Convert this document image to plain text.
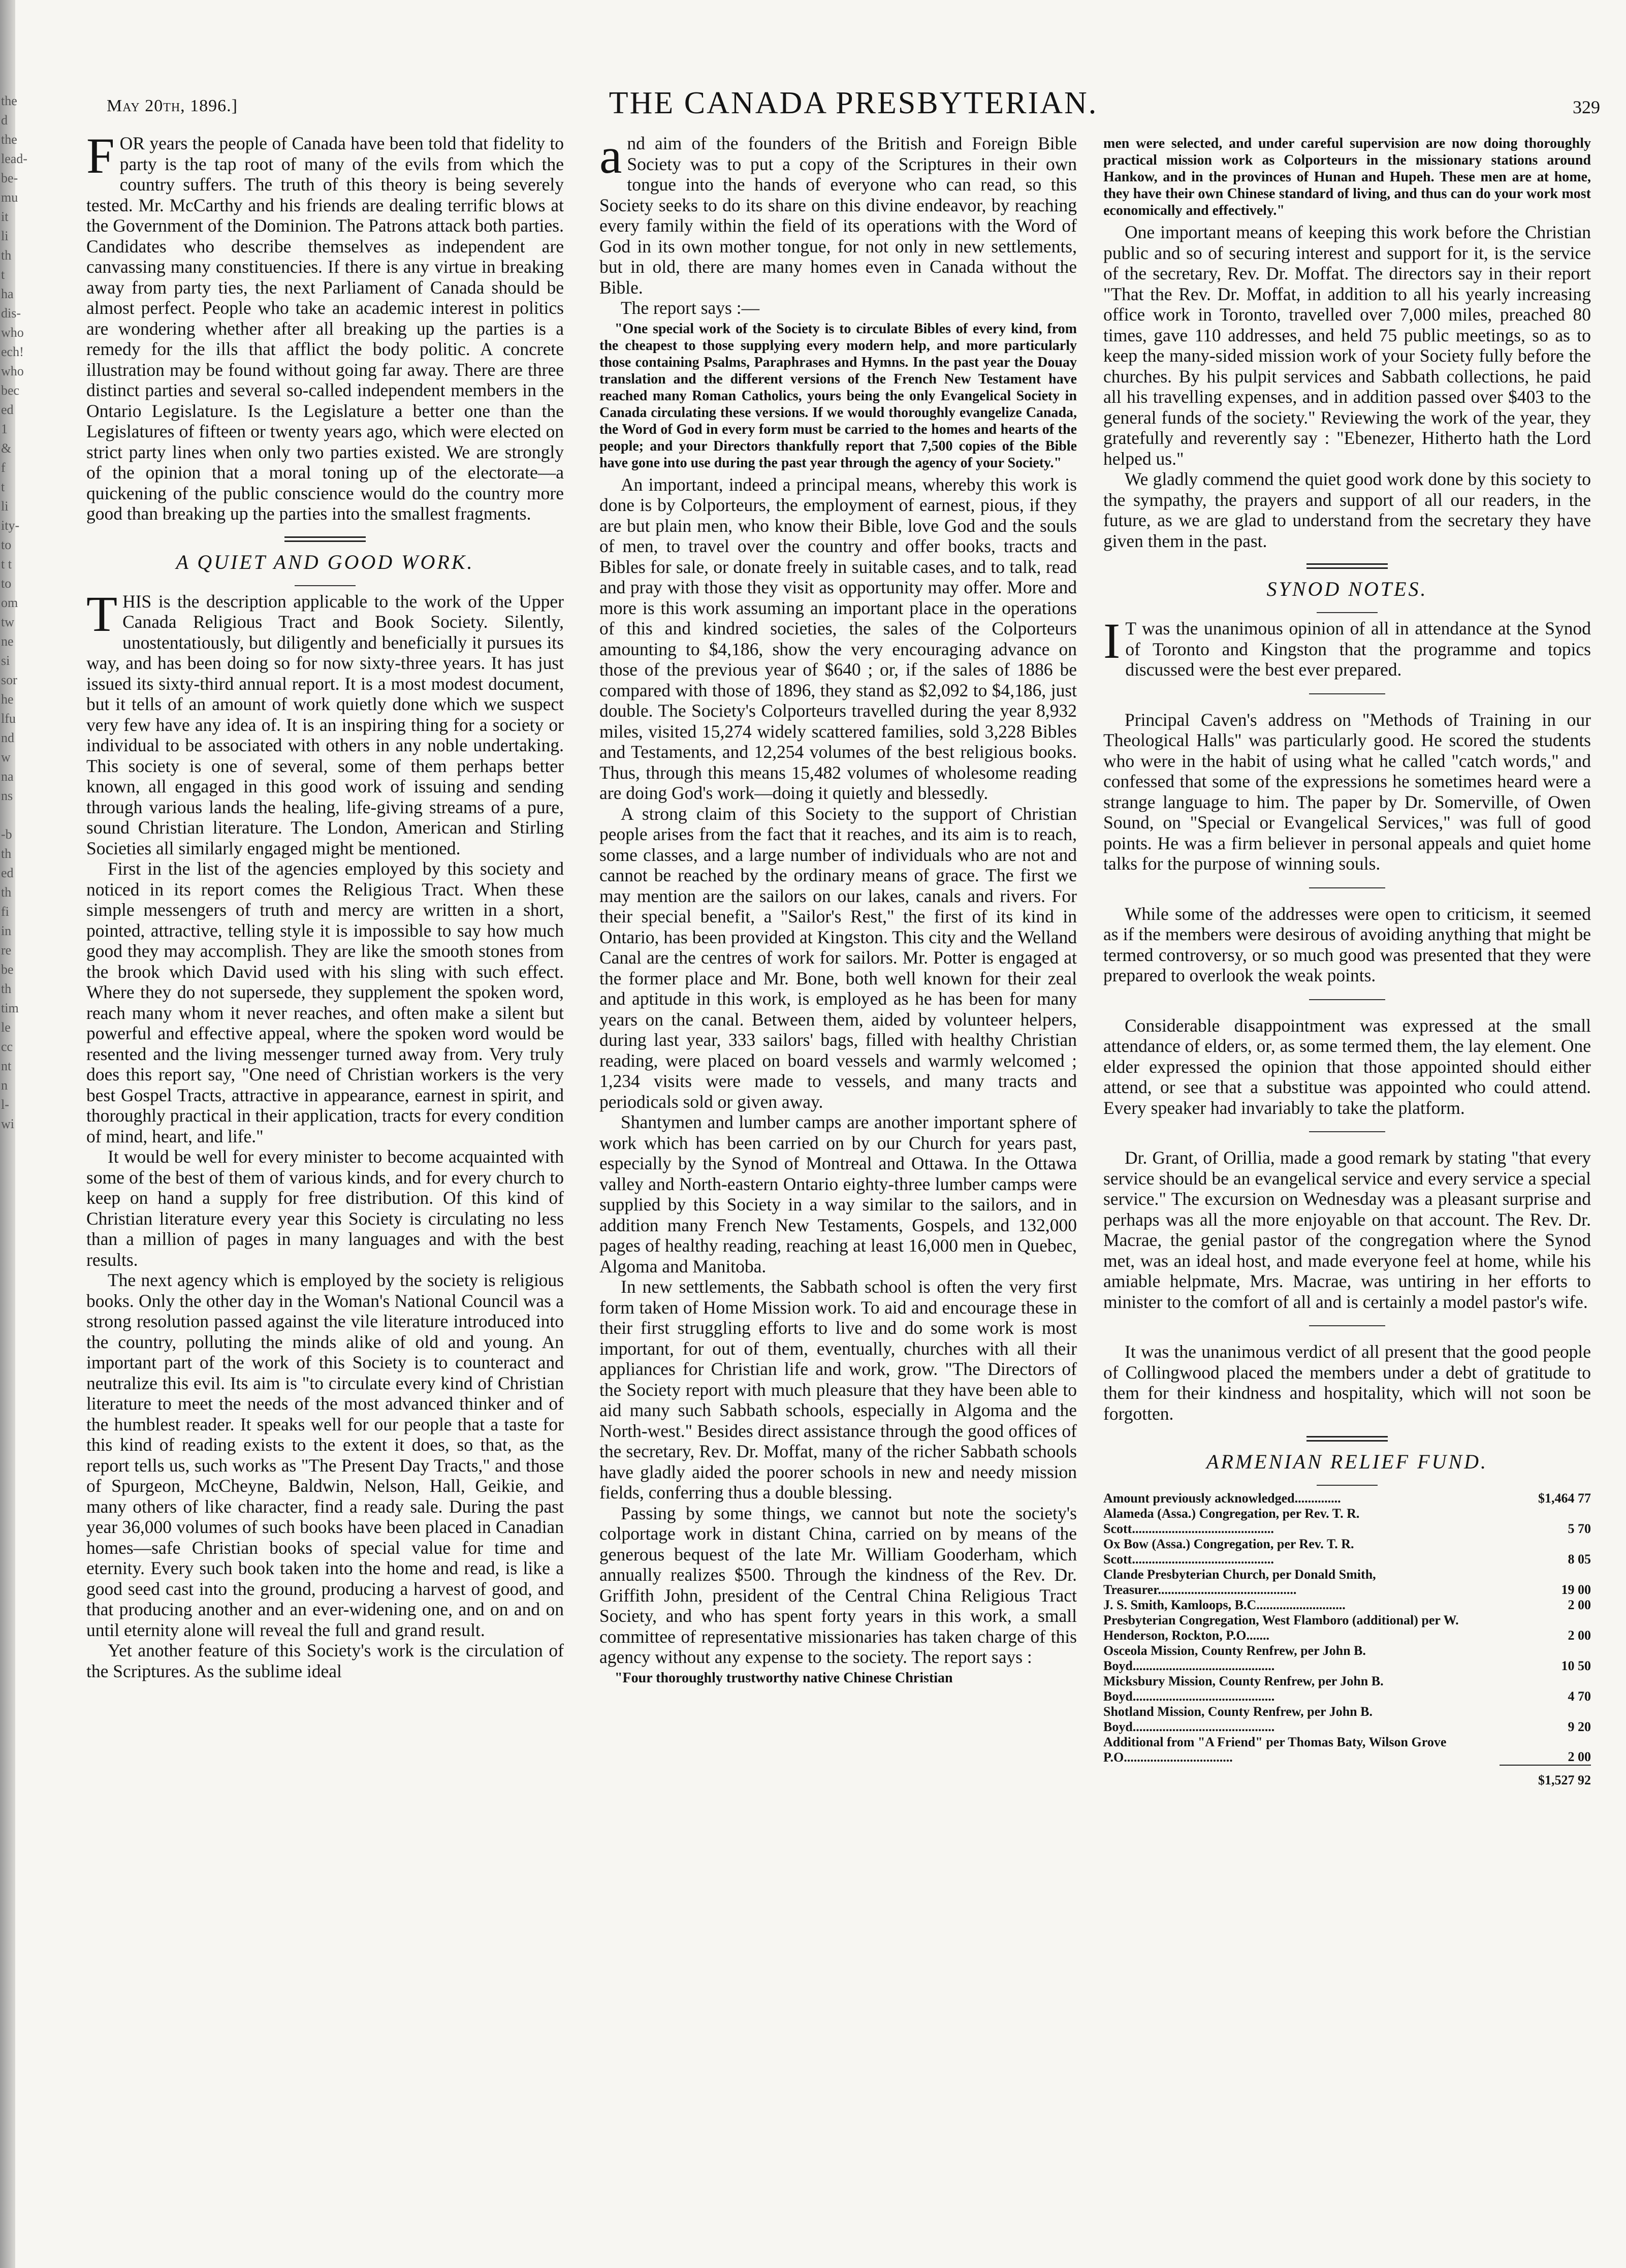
the
d the
lead-
be-
mu
it li
th
t ha
dis-
who
ech!
who
bec
ed
1 & f
t li
ity-
to
t t
to
om
tw
ne
si
sor
he
lfu
nd
w
na
ns

-b
th
ed
th
fi
in
re
be
th
tim
le
cc
nt
n
l-
wi
May 20th, 1896.]	THE CANADA PRESBYTERIAN.	329

FOR years the people of Canada have been told that fidelity to party is the tap root of many of the evils from which the country suffers. The truth of this theory is being severely tested. Mr. McCarthy and his friends are dealing terrific blows at the Government of the Dominion. The Patrons attack both parties. Candidates who describe themselves as independent are canvassing many constituencies. If there is any virtue in breaking away from party ties, the next Parliament of Canada should be almost perfect. People who take an academic interest in politics are wondering whether after all breaking up the parties is a remedy for the ills that afflict the body politic. A concrete illustration may be found without going far away. There are three distinct parties and several so-called independent members in the Ontario Legislature. Is the Legislature a better one than the Legislatures of fifteen or twenty years ago, which were elected on strict party lines when only two parties existed. We are strongly of the opinion that a moral toning up of the electorate—a quickening of the public conscience would do the country more good than breaking up the parties into the smallest fragments.

A QUIET AND GOOD WORK.

THIS is the description applicable to the work of the Upper Canada Religious Tract and Book Society. Silently, unostentatiously, but diligently and beneficially it pursues its way, and has been doing so for now sixty-three years. It has just issued its sixty-third annual report. It is a most modest document, but it tells of an amount of work quietly done which we suspect very few have any idea of. It is an inspiring thing for a society or individual to be associated with others in any noble undertaking. This society is one of several, some of them perhaps better known, all engaged in this good work of issuing and sending through various lands the healing, life-giving streams of a pure, sound Christian literature. The London, American and Stirling Societies all similarly engaged might be mentioned.

First in the list of the agencies employed by this society and noticed in its report comes the Religious Tract. When these simple messengers of truth and mercy are written in a short, pointed, attractive, telling style it is impossible to say how much good they may accomplish. They are like the smooth stones from the brook which David used with his sling with such effect. Where they do not supersede, they supplement the spoken word, reach many whom it never reaches, and often make a silent but powerful and effective appeal, where the spoken word would be resented and the living messenger turned away from. Very truly does this report say, "One need of Christian workers is the very best Gospel Tracts, attractive in appearance, earnest in spirit, and thoroughly practical in their application, tracts for every condition of mind, heart, and life."

It would be well for every minister to become acquainted with some of the best of them of various kinds, and for every church to keep on hand a supply for free distribution. Of this kind of Christian literature every year this Society is circulating no less than a million of pages in many languages and with the best results.

The next agency which is employed by the society is religious books. Only the other day in the Woman's National Council was a strong resolution passed against the vile literature introduced into the country, polluting the minds alike of old and young. An important part of the work of this Society is to counteract and neutralize this evil. Its aim is "to circulate every kind of Christian literature to meet the needs of the most advanced thinker and of the humblest reader. It speaks well for our people that a taste for this kind of reading exists to the extent it does, so that, as the report tells us, such works as "The Present Day Tracts," and those of Spurgeon, McCheyne, Baldwin, Nelson, Hall, Geikie, and many others of like character, find a ready sale. During the past year 36,000 volumes of such books have been placed in Canadian homes—safe Christian books of special value for time and eternity. Every such book taken into the home and read, is like a good seed cast into the ground, producing a harvest of good, and that producing another and an ever-widening one, and on and on until eternity alone will reveal the full and grand result.

Yet another feature of this Society's work is the circulation of the Scriptures. As the sublime ideal

and aim of the founders of the British and Foreign Bible Society was to put a copy of the Scriptures in their own tongue into the hands of everyone who can read, so this Society seeks to do its share on this divine endeavor, by reaching every family within the field of its operations with the Word of God in its own mother tongue, for not only in new settlements, but in old, there are many homes even in Canada without the Bible.

The report says :—

"One special work of the Society is to circulate Bibles of every kind, from the cheapest to those supplying every modern help, and more particularly those containing Psalms, Paraphrases and Hymns. In the past year the Douay translation and the different versions of the French New Testament have reached many Roman Catholics, yours being the only Evangelical Society in Canada circulating these versions. If we would thoroughly evangelize Canada, the Word of God in every form must be carried to the homes and hearts of the people; and your Directors thankfully report that 7,500 copies of the Bible have gone into use during the past year through the agency of your Society."

An important, indeed a principal means, whereby this work is done is by Colporteurs, the employment of earnest, pious, if they are but plain men, who know their Bible, love God and the souls of men, to travel over the country and offer books, tracts and Bibles for sale, or donate freely in suitable cases, and to talk, read and pray with those they visit as opportunity may offer. More and more is this work assuming an important place in the operations of this and kindred societies, the sales of the Colporteurs amounting to $4,186, show the very encouraging advance on those of the previous year of $640 ; or, if the sales of 1886 be compared with those of 1896, they stand as $2,092 to $4,186, just double. The Society's Colporteurs travelled during the year 8,932 miles, visited 15,274 widely scattered families, sold 3,228 Bibles and Testaments, and 12,254 volumes of the best religious books. Thus, through this means 15,482 volumes of wholesome reading are doing God's work—doing it quietly and blessedly.

A strong claim of this Society to the support of Christian people arises from the fact that it reaches, and its aim is to reach, some classes, and a large number of individuals who are not and cannot be reached by the ordinary means of grace. The first we may mention are the sailors on our lakes, canals and rivers. For their special benefit, a "Sailor's Rest," the first of its kind in Ontario, has been provided at Kingston. This city and the Welland Canal are the centres of work for sailors. Mr. Potter is engaged at the former place and Mr. Bone, both well known for their zeal and aptitude in this work, is employed as he has been for many years on the canal. Between them, aided by volunteer helpers, during last year, 333 sailors' bags, filled with healthy Christian reading, were placed on board vessels and warmly welcomed ; 1,234 visits were made to vessels, and many tracts and periodicals sold or given away.

Shantymen and lumber camps are another important sphere of work which has been carried on by our Church for years past, especially by the Synod of Montreal and Ottawa. In the Ottawa valley and North-eastern Ontario eighty-three lumber camps were supplied by this Society in a way similar to the sailors, and in addition many French New Testaments, Gospels, and 132,000 pages of healthy reading, reaching at least 16,000 men in Quebec, Algoma and Manitoba.

In new settlements, the Sabbath school is often the very first form taken of Home Mission work. To aid and encourage these in their first struggling efforts to live and do some work is most important, for out of them, eventually, churches with all their appliances for Christian life and work, grow. "The Directors of the Society report with much pleasure that they have been able to aid many such Sabbath schools, especially in Algoma and the North-west." Besides direct assistance through the good offices of the secretary, Rev. Dr. Moffat, many of the richer Sabbath schools have gladly aided the poorer schools in new and needy mission fields, conferring thus a double blessing.

Passing by some things, we cannot but note the society's colportage work in distant China, carried on by means of the generous bequest of the late Mr. William Gooderham, which annually realizes $500. Through the kindness of the Rev. Dr. Griffith John, president of the Central China Religious Tract Society, and who has spent forty years in this work, a small committee of representative missionaries has taken charge of this agency without any expense to the society. The report says :

"Four thoroughly trustworthy native Chinese Christian
men were selected, and under careful supervision are now doing thoroughly practical mission work as Colporteurs in the missionary stations around Hankow, and in the provinces of Hunan and Hupeh. These men are at home, they have their own Chinese standard of living, and thus can do your work most economically and effectively."

One important means of keeping this work before the Christian public and so of securing interest and support for it, is the service of the secretary, Rev. Dr. Moffat. The directors say in their report "That the Rev. Dr. Moffat, in addition to all his yearly increasing office work in Toronto, travelled over 7,000 miles, preached 80 times, gave 110 addresses, and held 75 public meetings, so as to keep the many-sided mission work of your Society fully before the churches. By his pulpit services and Sabbath collections, he paid all his travelling expenses, and in addition passed over $403 to the general funds of the society." Reviewing the work of the year, they gratefully and reverently say : "Ebenezer, Hitherto hath the Lord helped us."

We gladly commend the quiet good work done by this society to the sympathy, the prayers and support of all our readers, in the future, as we are glad to understand from the secretary they have given them in the past.

SYNOD NOTES.

IT was the unanimous opinion of all in attendance at the Synod of Toronto and Kingston that the programme and topics discussed were the best ever prepared.

Principal Caven's address on "Methods of Training in our Theological Halls" was particularly good. He scored the students who were in the habit of using what he called "catch words," and confessed that some of the expressions he sometimes heard were a strange language to him. The paper by Dr. Somerville, of Owen Sound, on "Special or Evangelical Services," was full of good points. He was a firm believer in personal appeals and quiet home talks for the purpose of winning souls.

While some of the addresses were open to criticism, it seemed as if the members were desirous of avoiding anything that might be termed controversy, or so much good was presented that they were prepared to overlook the weak points.

Considerable disappointment was expressed at the small attendance of elders, or, as some termed them, the lay element. One elder expressed the opinion that those appointed should either attend, or see that a substitue was appointed who could attend. Every speaker had invariably to take the platform.

Dr. Grant, of Orillia, made a good remark by stating "that every service should be an evangelical service and every service a special service." The excursion on Wednesday was a pleasant surprise and perhaps was all the more enjoyable on that account. The Rev. Dr. Macrae, the genial pastor of the congregation where the Synod met, was an ideal host, and made everyone feel at home, while his amiable helpmate, Mrs. Macrae, was untiring in her efforts to minister to the comfort of all and is certainly a model pastor's wife.

It was the unanimous verdict of all present that the good people of Collingwood placed the members under a debt of gratitude to them for their kindness and hospitality, which will not soon be forgotten.

ARMENIAN RELIEF FUND.
Amount previously acknowledged..............	$1,464 77
Alameda (Assa.) Congregation, per Rev. T. R. Scott...........................................	5 70
Ox Bow (Assa.) Congregation, per Rev. T. R. Scott...........................................	8 05
Clande Presbyterian Church, per Donald Smith, Treasurer..........................................	19 00
J. S. Smith, Kamloops, B.C...........................	2 00
Presbyterian Congregation, West Flamboro (additional) per W. Henderson, Rockton, P.O.......	2 00
Osceola Mission, County Renfrew, per John B. Boyd...........................................	10 50
Micksbury Mission, County Renfrew, per John B. Boyd...........................................	4 70
Shotland Mission, County Renfrew, per John B. Boyd...........................................	9 20
Additional from "A Friend" per Thomas Baty, Wilson Grove P.O.................................	2 00
	$1,527 92
